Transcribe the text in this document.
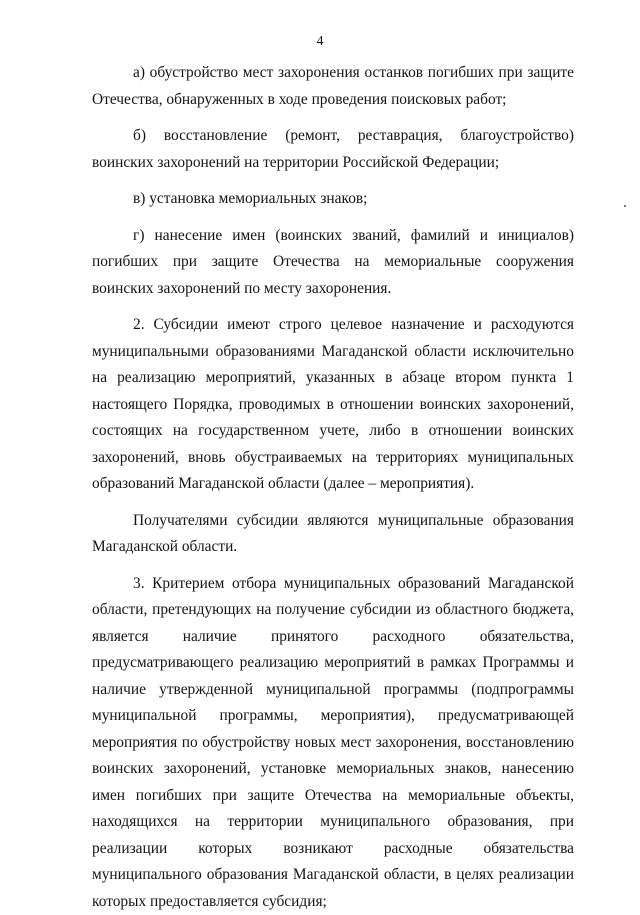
4

а) обустройство мест захоронения останков погибших при защите Отечества, обнаруженных в ходе проведения поисковых работ;

б) восстановление (ремонт, реставрация, благоустройство) воинских захоронений на территории Российской Федерации;

в) установка мемориальных знаков;

г) нанесение имен (воинских званий, фамилий и инициалов) погибших при защите Отечества на мемориальные сооружения воинских захоронений по месту захоронения.

2. Субсидии имеют строго целевое назначение и расходуются муниципальными образованиями Магаданской области исключительно на реализацию мероприятий, указанных в абзаце втором пункта 1 настоящего Порядка, проводимых в отношении воинских захоронений, состоящих на государственном учете, либо в отношении воинских захоронений, вновь обустраиваемых на территориях муниципальных образований Магаданской области (далее – мероприятия).

Получателями субсидии являются муниципальные образования Магаданской области.

3. Критерием отбора муниципальных образований Магаданской области, претендующих на получение субсидии из областного бюджета, является наличие принятого расходного обязательства, предусматривающего реализацию мероприятий в рамках Программы и наличие утвержденной муниципальной программы (подпрограммы муниципальной программы, мероприятия), предусматривающей мероприятия по обустройству новых мест захоронения, восстановлению воинских захоронений, установке мемориальных знаков, нанесению имен погибших при защите Отечества на мемориальные объекты, находящихся на территории муниципального образования, при реализации которых возникают расходные обязательства муниципального образования Магаданской области, в целях реализации которых предоставляется субсидия;
